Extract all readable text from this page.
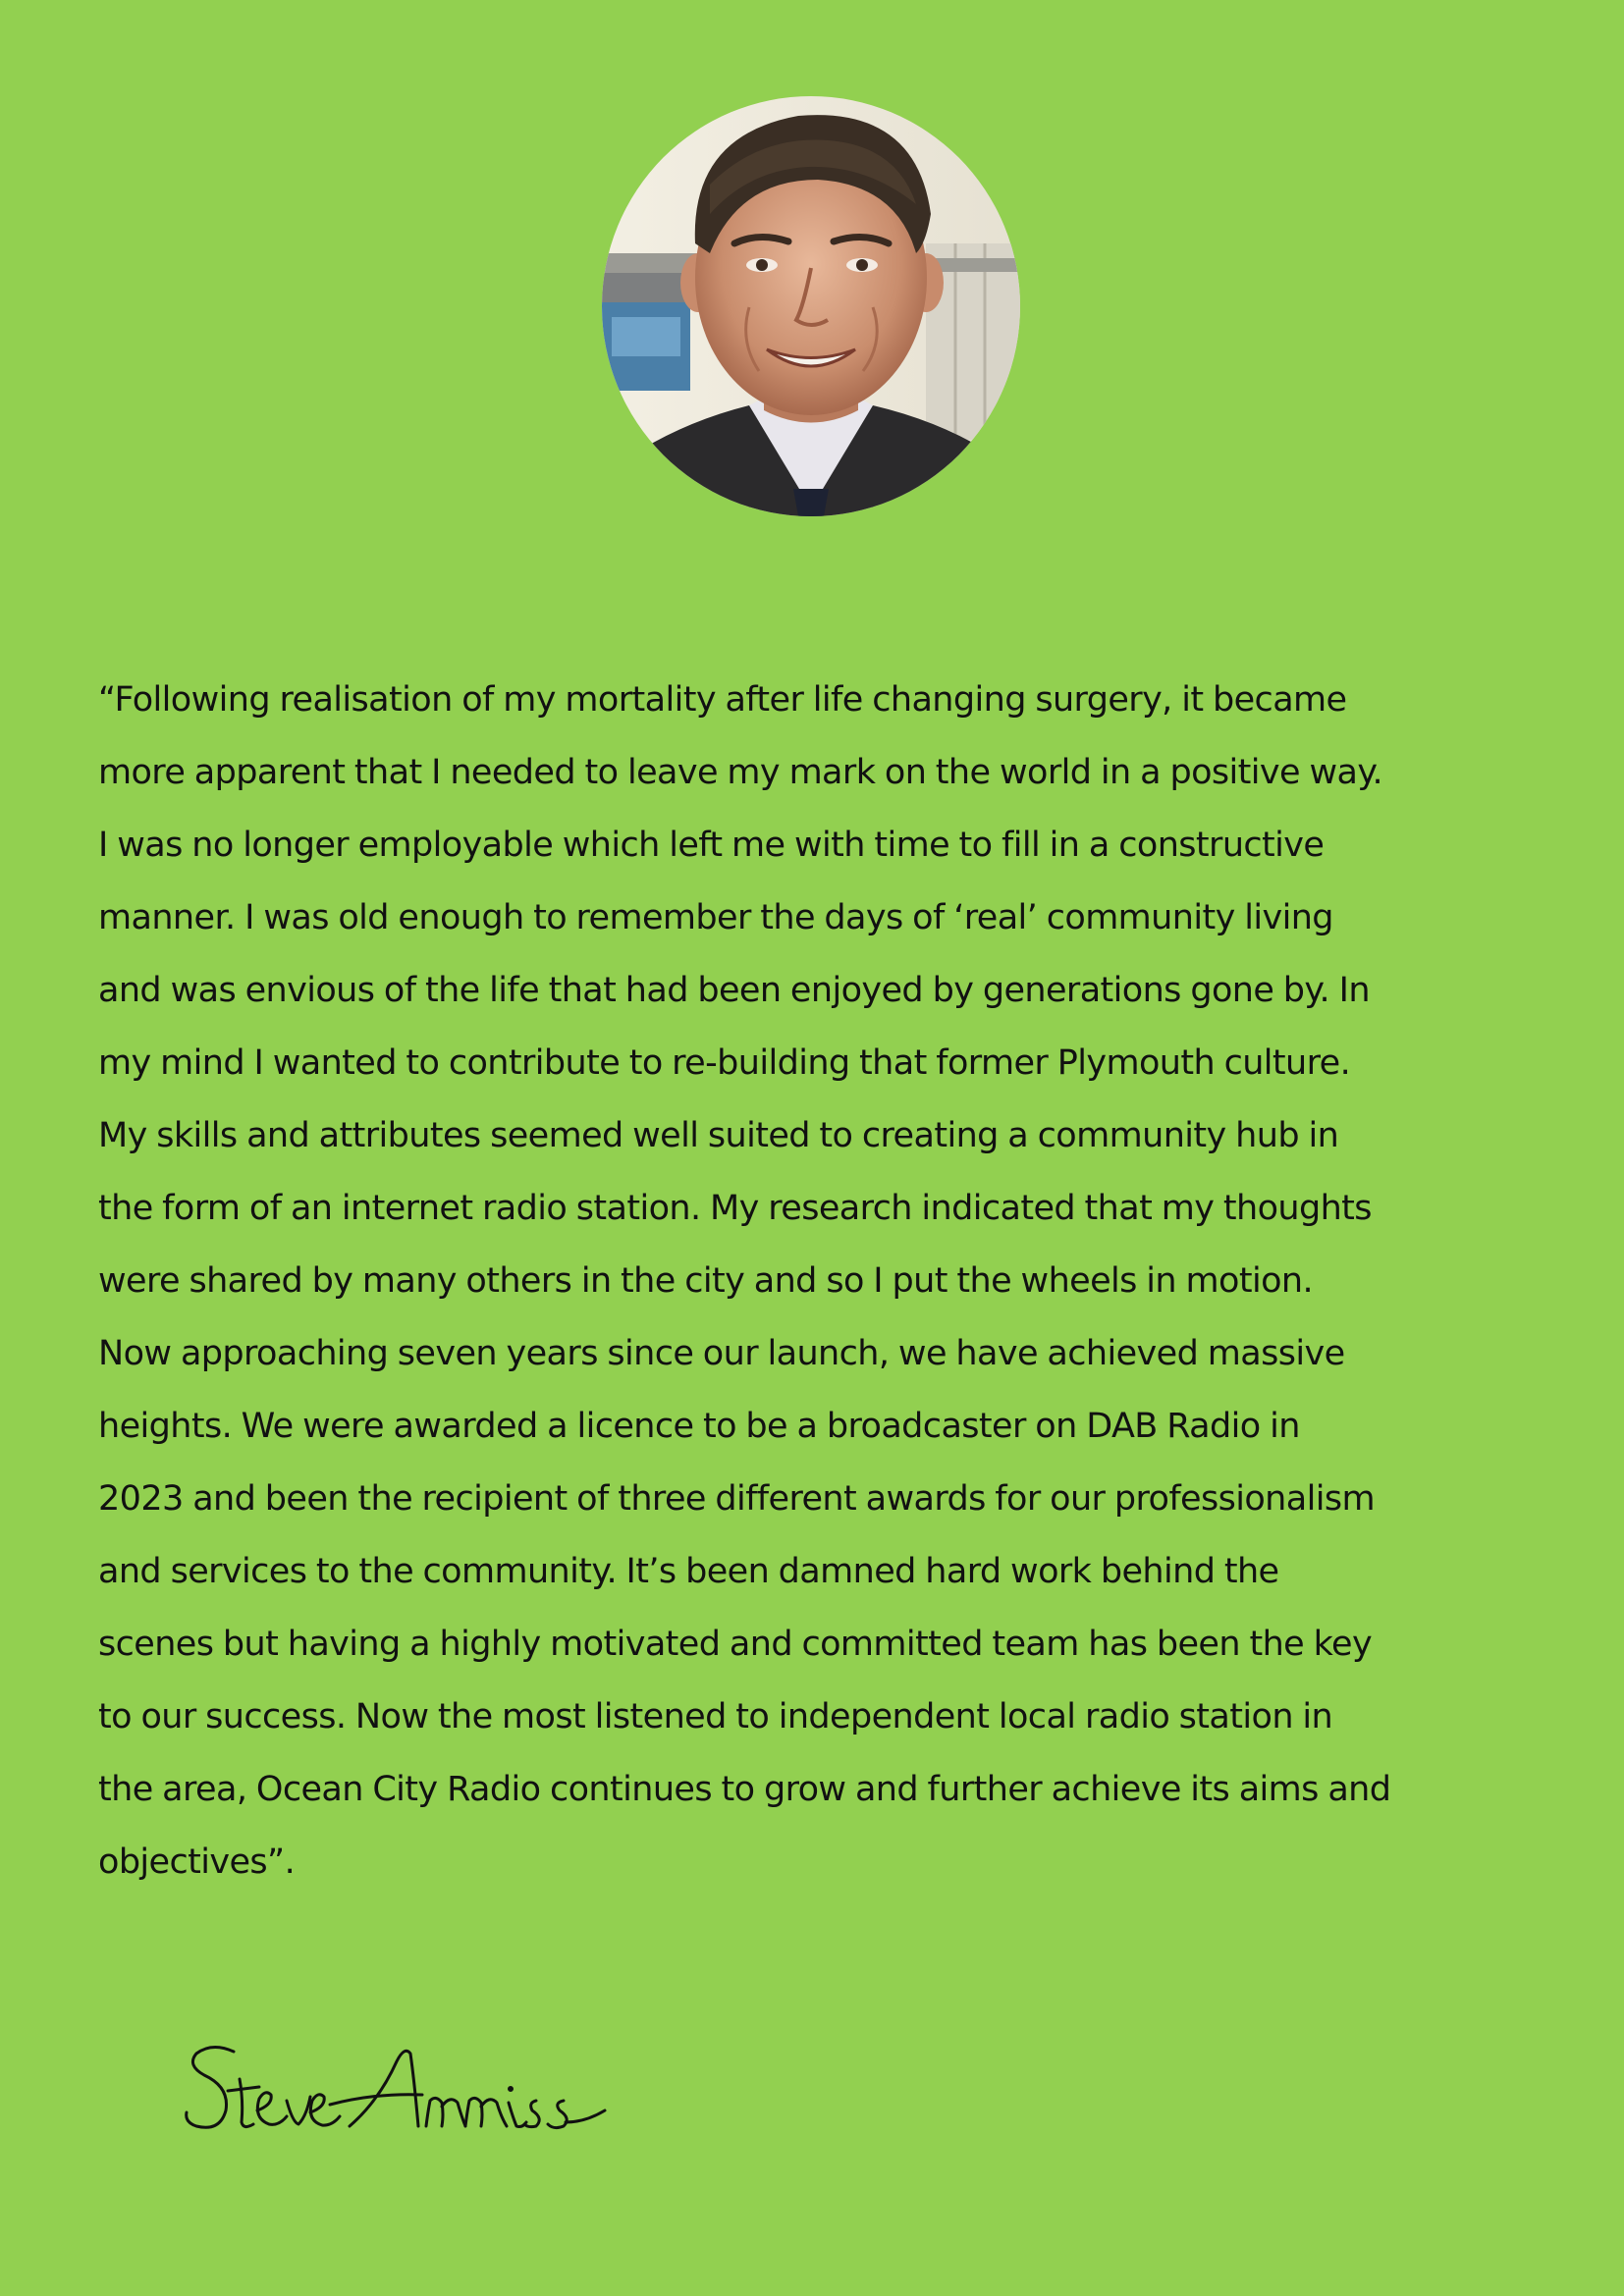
“Following realisation of my mortality after life changing surgery, it became
more apparent that I needed to leave my mark on the world in a positive way.
I was no longer employable which left me with time to fill in a constructive
manner. I was old enough to remember the days of ‘real’ community living
and was envious of the life that had been enjoyed by generations gone by. In
my mind I wanted to contribute to re-building that former Plymouth culture.
My skills and attributes seemed well suited to creating a community hub in
the form of an internet radio station. My research indicated that my thoughts
were shared by many others in the city and so I put the wheels in motion.
Now approaching seven years since our launch, we have achieved massive
heights. We were awarded a licence to be a broadcaster on DAB Radio in
2023 and been the recipient of three different awards for our professionalism
and services to the community. It’s been damned hard work behind the
scenes but having a highly motivated and committed team has been the key
to our success. Now the most listened to independent local radio station in
the area, Ocean City Radio continues to grow and further achieve its aims and
objectives”.
